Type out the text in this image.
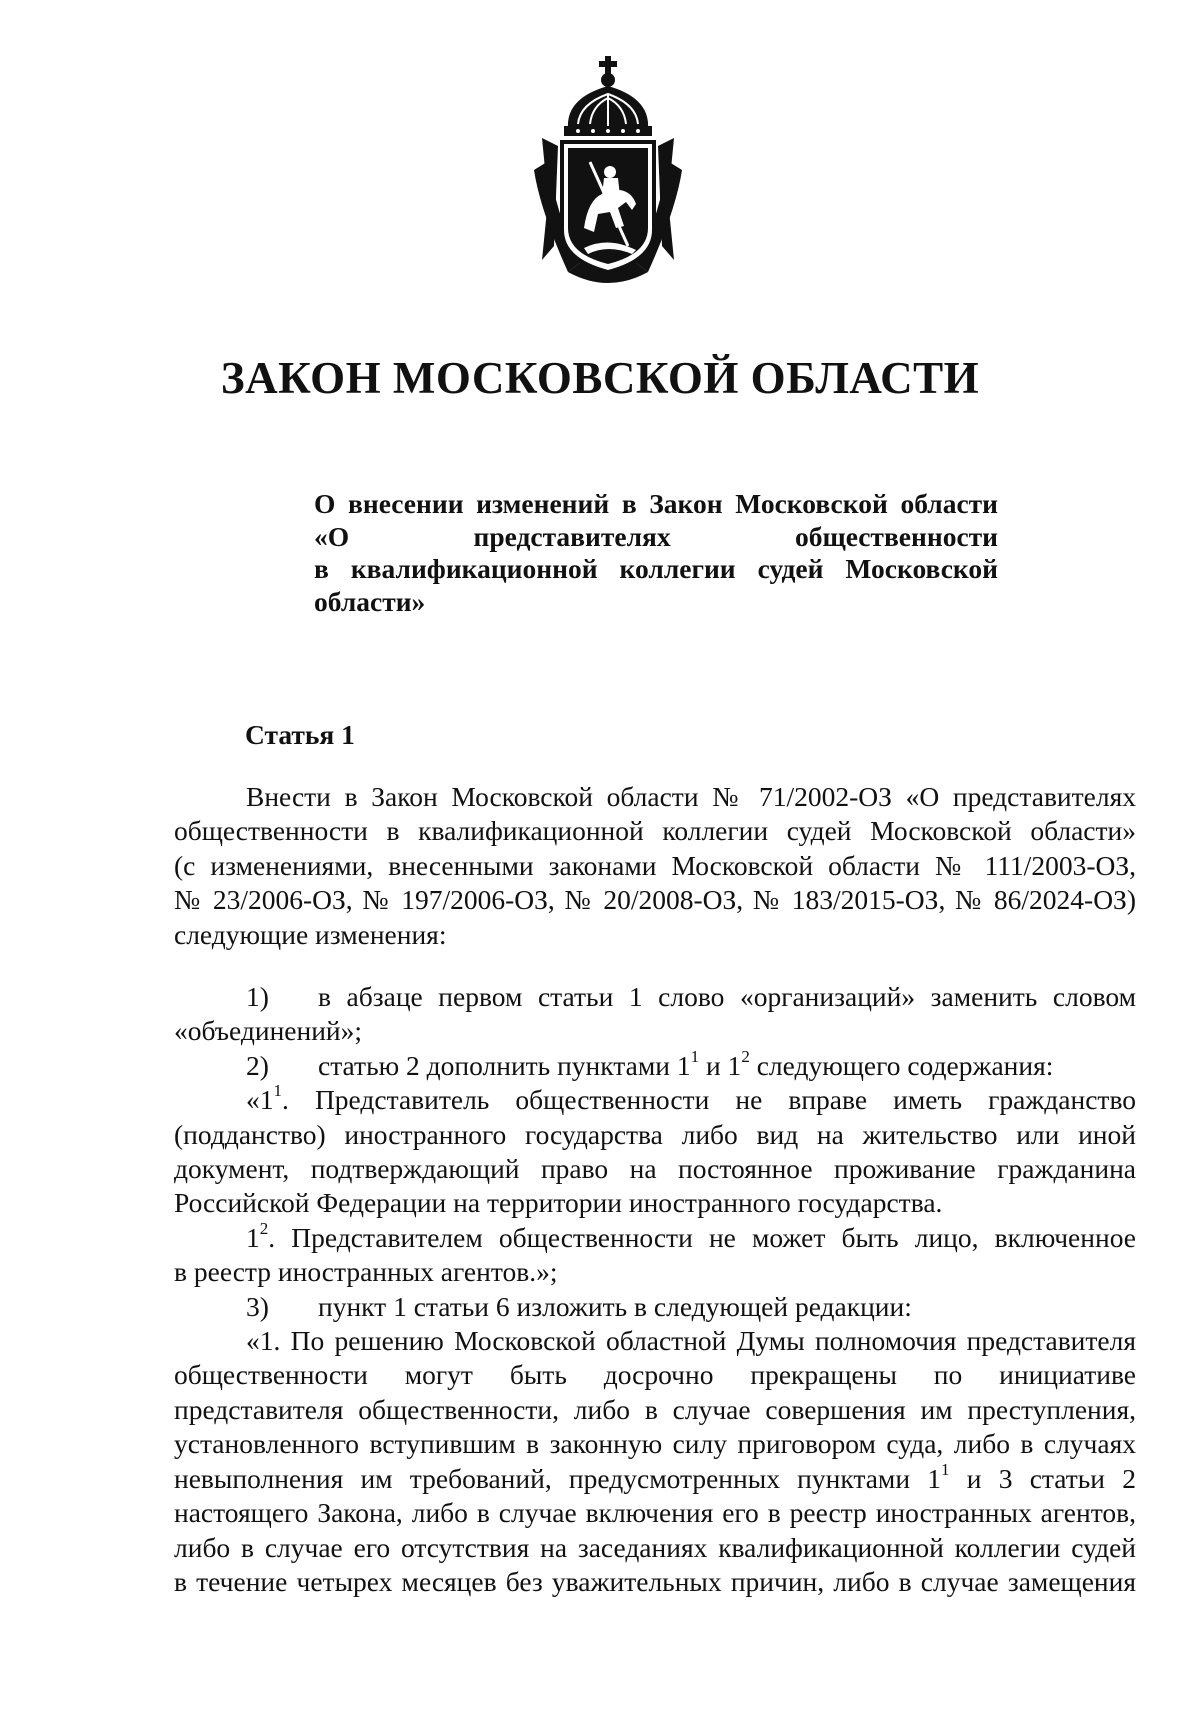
ЗАКОН МОСКОВСКОЙ ОБЛАСТИ
О внесении изменений в Закон Московской области
«О представителях общественности
в квалификационной коллегии судей Московской
области»
Статья 1
Внести в Закон Московской области № 71/2002-ОЗ «О представителях
общественности в квалификационной коллегии судей Московской области»
(с изменениями, внесенными законами Московской области № 111/2003-ОЗ,
№ 23/2006-ОЗ, № 197/2006-ОЗ, № 20/2008-ОЗ, № 183/2015-ОЗ, № 86/2024-ОЗ)
следующие изменения:
1) в абзаце первом статьи 1 слово «организаций» заменить словом
«объединений»;
2) статью 2 дополнить пунктами $1^1$ и $1^2$ следующего содержания:
«$1^1$. Представитель общественности не вправе иметь гражданство
(подданство) иностранного государства либо вид на жительство или иной
документ, подтверждающий право на постоянное проживание гражданина
Российской Федерации на территории иностранного государства.
$1^2$. Представителем общественности не может быть лицо, включенное
в реестр иностранных агентов.»;
3) пункт 1 статьи 6 изложить в следующей редакции:
«1. По решению Московской областной Думы полномочия представителя
общественности могут быть досрочно прекращены по инициативе
представителя общественности, либо в случае совершения им преступления,
установленного вступившим в законную силу приговором суда, либо в случаях
невыполнения им требований, предусмотренных пунктами $1^1$ и 3 статьи 2
настоящего Закона, либо в случае включения его в реестр иностранных агентов,
либо в случае его отсутствия на заседаниях квалификационной коллегии судей
в течение четырех месяцев без уважительных причин, либо в случае замещения
